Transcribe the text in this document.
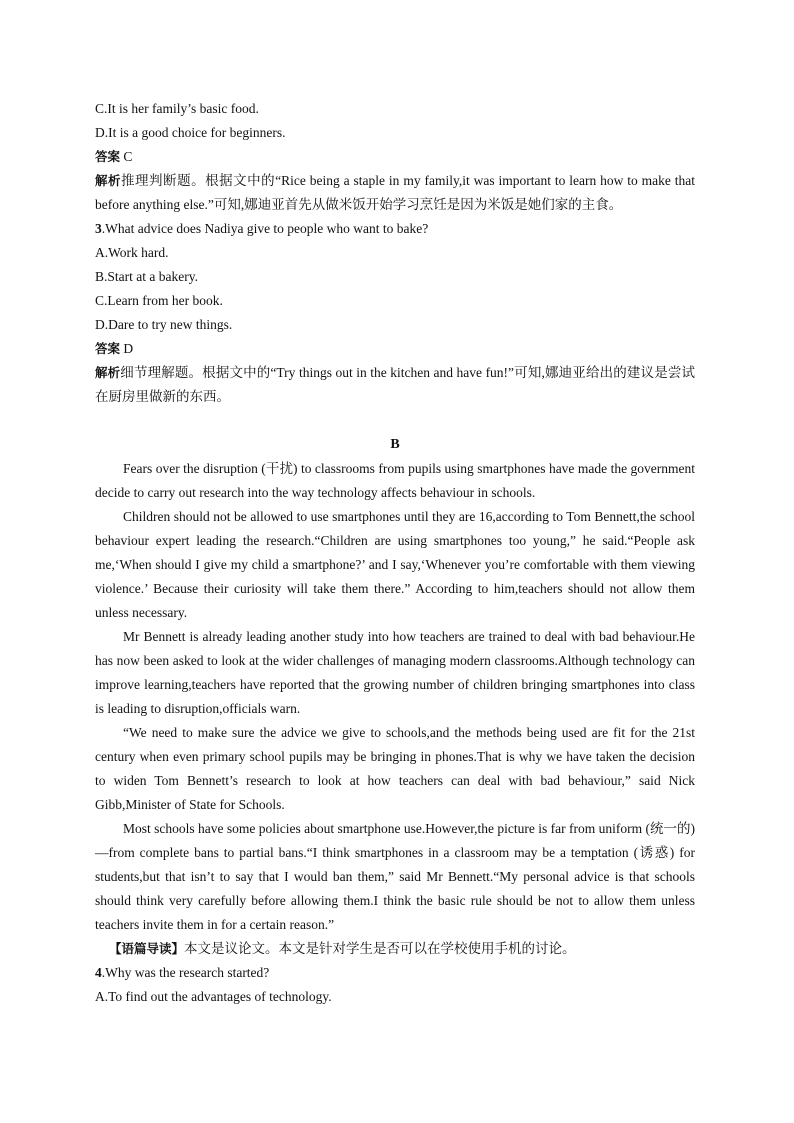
C.It is her family’s basic food.

D.It is a good choice for beginners.

答案 C

解析推理判断题。根据文中的“Rice being a staple in my family,it was important to learn how to make that before anything else.”可知,娜迪亚首先从做米饭开始学习烹饪是因为米饭是她们家的主食。

3.What advice does Nadiya give to people who want to bake?

A.Work hard.

B.Start at a bakery.

C.Learn from her book.

D.Dare to try new things.

答案 D

解析细节理解题。根据文中的“Try things out in the kitchen and have fun!”可知,娜迪亚给出的建议是尝试在厨房里做新的东西。

B

Fears over the disruption (干扰) to classrooms from pupils using smartphones have made the government decide to carry out research into the way technology affects behaviour in schools.

Children should not be allowed to use smartphones until they are 16,according to Tom Bennett,the school behaviour expert leading the research.“Children are using smartphones too young,” he said.“People ask me,‘When should I give my child a smartphone?’ and I say,‘Whenever you’re comfortable with them viewing violence.’ Because their curiosity will take them there.” According to him,teachers should not allow them unless necessary.

Mr Bennett is already leading another study into how teachers are trained to deal with bad behaviour.He has now been asked to look at the wider challenges of managing modern classrooms.Although technology can improve learning,teachers have reported that the growing number of children bringing smartphones into class is leading to disruption,officials warn.

“We need to make sure the advice we give to schools,and the methods being used are fit for the 21st century when even primary school pupils may be bringing in phones.That is why we have taken the decision to widen Tom Bennett’s research to look at how teachers can deal with bad behaviour,” said Nick Gibb,Minister of State for Schools.

Most schools have some policies about smartphone use.However,the picture is far from uniform (统一的)—from complete bans to partial bans.“I think smartphones in a classroom may be a temptation (诱惑) for students,but that isn’t to say that I would ban them,” said Mr Bennett.“My personal advice is that schools should think very carefully before allowing them.I think the basic rule should be not to allow them unless teachers invite them in for a certain reason.”

【语篇导读】本文是议论文。本文是针对学生是否可以在学校使用手机的讨论。

4.Why was the research started?

A.To find out the advantages of technology.
